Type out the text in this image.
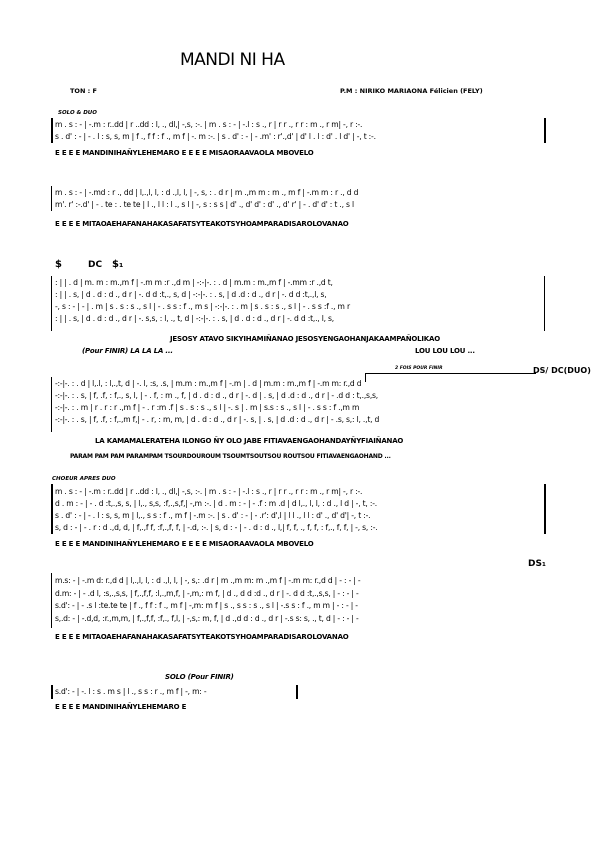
MANDI NI HA
TON : F	P.M : NIRIKO MARIAONA Félicien (FELY)
SOLO & DUO
m . s : - | -.m : r..dd | r ..dd : l, ., dl,| -,s, :-. | m . s : - | -.l : s ., r | r r ., r r : m ., r m| -, r :-.
s . d' : - | - . l : s, s, m | f ., f f : f ., m f | -. m :-. | s . d' : - | - .m' : r'.,d' | d' l . l : d' . l d' | -, t :-.
E E E E MANDINIHAÑYLEHEMARO E E E E MISAORAAVAOLA MBOVELO
m . s : - | -.md : r ., dd | l,.,l, l, : d .,l, l, | -, s, : . d r | m .,m m : m ., m f | -.m m : r ., d d
m'. r' :-.d' | - . te : . te te | l ., l l : l ., s l | -, s : s s | d' ., d' d' : d' ., d' r' | - . d' d' : t ., s l
E E E E MITAOAEHAFANAHAKASAFATSYTEAKOTSYHOAMPARADISAROLOVANAO
$	DC $₁
: | | . d | m. m : m.,m f | -.m m :r .,d m | -:-|-. : . d | m.m : m.,m f | -.mm :r .,d t,
: | | . s, | d . d : d ., d r | -. d d :t,., s, d | -:-|-. : . s, | d .d : d ., d r | -. d d :t,.,l, s,
-, s : - | - | . m | s . s : s ., s l | - . s s : f ., m s | -:-|-. : . m | s . s : s ., s l | - . s s :f ., m r
: | | . s, | d . d : d ., d r | -. s,s, : l, ., t, d | -:-|-. : . s, | d . d : d ., d r | -. d d :t,., l, s,
JESOSY ATAVO SIKYIHAMIÑANAO JESOSYENGAOHANJAKAAMPAÑOLIKAO
(Pour FINIR) LA LA LA ...	LOU LOU LOU ...
2 FOIS POUR FINIR	DS/ DC(DUO)
-:-|-. : . d | l,.l, : l,.,t, d | -. l, :s, .s, | m.m : m.,m f | -.m | . d | m.m : m.,m f | -.m m: r.,d d
-:-|-. : . s, | f, .f, : f,., s, l, | - . f, : m ., f, | d . d : d ., d r | -. d | . s, | d .d : d ., d r | - .d d : t,.,s,s,
-:-|-. : . m | r . r : r .,m f | - . r :m .f | s . s : s ., s l | -. s | . m | s.s : s ., s l | - . s s : f .,m m
-:-|-. : . s, | f, .f, : f,.,m f,| - . r, : m, m, | d . d : d ., d r | -. s, | . s, | d .d : d ., d r | - .s, s,: l, .,t, d
LA KAMAMALERATEHA ILONGO ÑY OLO JABE FITIAVAENGAOHANDAYÑYFIAIÑANAO
PARAM PAM PAM PARAMPAM TSOURDOUROUM TSOUMTSOUTSOU ROUTSOU FITIAVAENGAOHAND ...
CHOEUR APRES DUO
m . s : - | -.m : r..dd | r ..dd : l, ., dl,| -,s, :-. | m . s : - | -.l : s ., r | r r ., r r : m ., r m| -, r :-.
d . m : - | - . d :t,.,s, s, | l,., s,s, :f,.,s,f,| -,m :-. | d . m : - | - .f : m .d | d l,., l, l, : d ., l d | -, t, :-.
s . d' : - | - . l : s, s, m | l,., s s : f ., m f | -.m :-. | s . d' : - | - .r': d',l | l l ., l l : d' ., d' d'| -, t :-.
s, d : - | - . r : d .,d, d, | f,.,f f, :f,.,f, f, | -.d, :-. | s, d : - | - . d : d ., l,| f, f, ., f, f, : f,., f, f, | -, s, :-.
E E E E MANDINIHAÑYLEHEMARO E E E E MISAORAAVAOLA MBOVELO
DS₁
m.s: - | -.m d: r.,d d | l,.,l, l, : d .,l, l, | -, s,: .d r | m .,m m: m .,m f | -.m m: r.,d d | - : - | -
d.m: - | - .d l, :s,.,s,s, | f,.,f,f, :l,.,m,f, | -,m,: m f, | d ., d d :d ., d r | -. d d :t,.,s,s, | - : - | -
s.d': - | - .s l :te.te te | f ., f f : f ., m f | -,m: m f | s ., s s : s ., s l | -.s s : f ., m m | - : - | -
s,.d: - | -.d,d, :r.,m,m, | f,.,f,f, :f,., f,l, | -,s,: m, f, | d .,d d : d ., d r | -.s s: s, ., t, d | - : - | -
E E E E MITAOAEHAFANAHAKASAFATSYTEAKOTSYHOAMPARADISAROLOVANAO
SOLO (Pour FINIR)
s.d': - | -. l : s . m s | l ., s s : r ., m f | -, m: -
E E E E MANDINIHAÑYLEHEMARO E
